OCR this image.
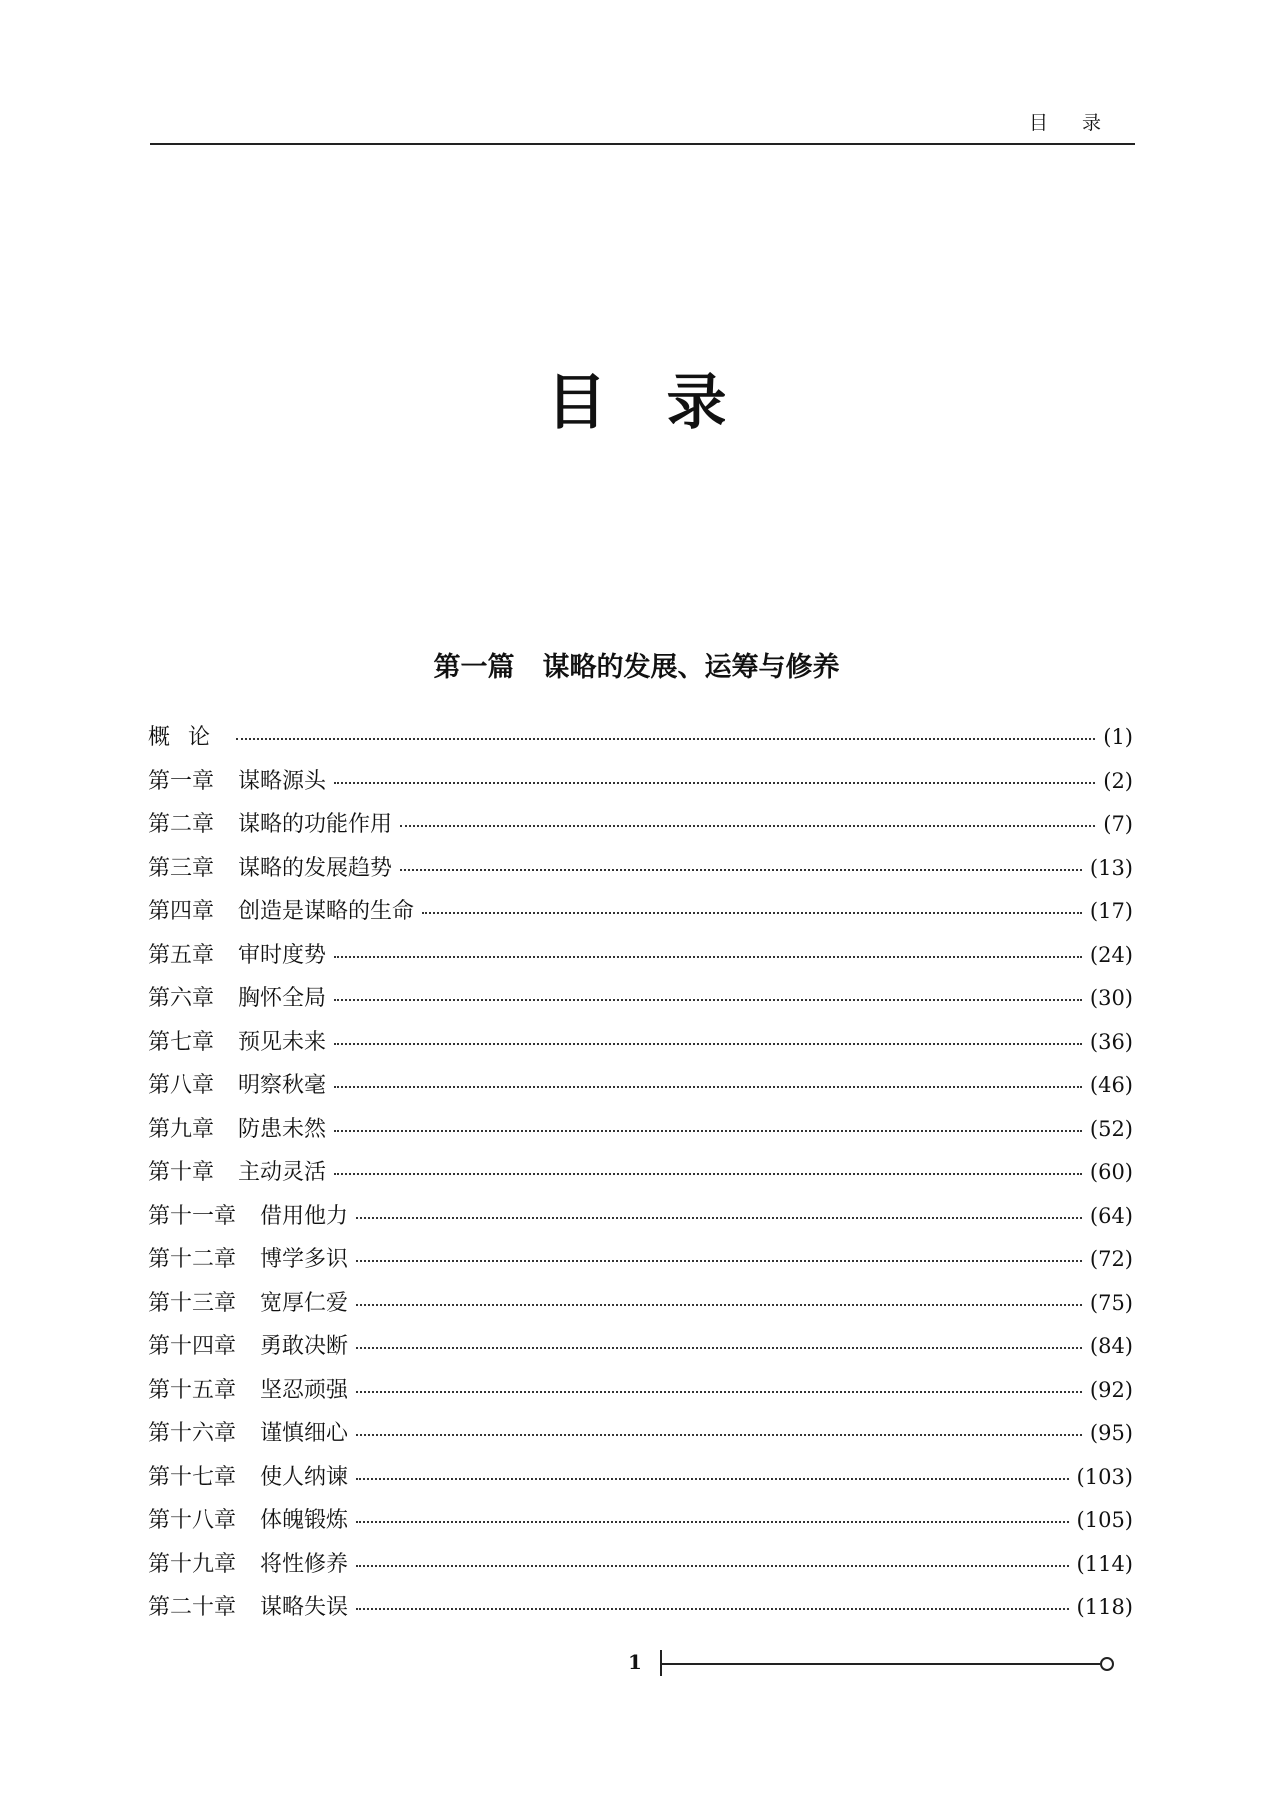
目录
目录
第一篇 谋略的发展、运筹与修养
概论	(1)
第一章 谋略源头	(2)
第二章 谋略的功能作用	(7)
第三章 谋略的发展趋势	(13)
第四章 创造是谋略的生命	(17)
第五章 审时度势	(24)
第六章 胸怀全局	(30)
第七章 预见未来	(36)
第八章 明察秋毫	(46)
第九章 防患未然	(52)
第十章 主动灵活	(60)
第十一章 借用他力	(64)
第十二章 博学多识	(72)
第十三章 宽厚仁爱	(75)
第十四章 勇敢决断	(84)
第十五章 坚忍顽强	(92)
第十六章 谨慎细心	(95)
第十七章 使人纳谏	(103)
第十八章 体魄锻炼	(105)
第十九章 将性修养	(114)
第二十章 谋略失误	(118)
1
